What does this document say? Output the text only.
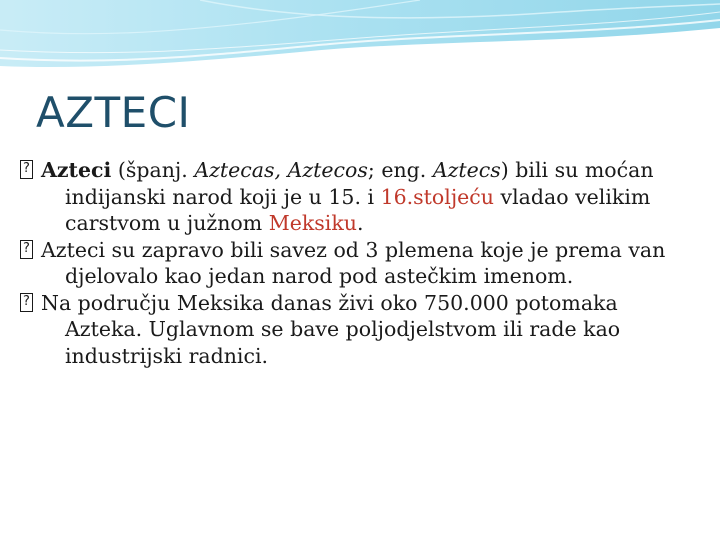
AZTECI

? Azteci (španj. Aztecas, Aztecos; eng. Aztecs) bili su moćan indijanski narod koji je u 15. i 16.stoljeću vladao velikim carstvom u južnom Meksiku.

? Azteci su zapravo bili savez od 3 plemena koje je prema van djelovalo kao jedan narod pod astečkim imenom.

? Na području Meksika danas živi oko 750.000 potomaka Azteka. Uglavnom se bave poljodjelstvom ili rade kao industrijski radnici.
